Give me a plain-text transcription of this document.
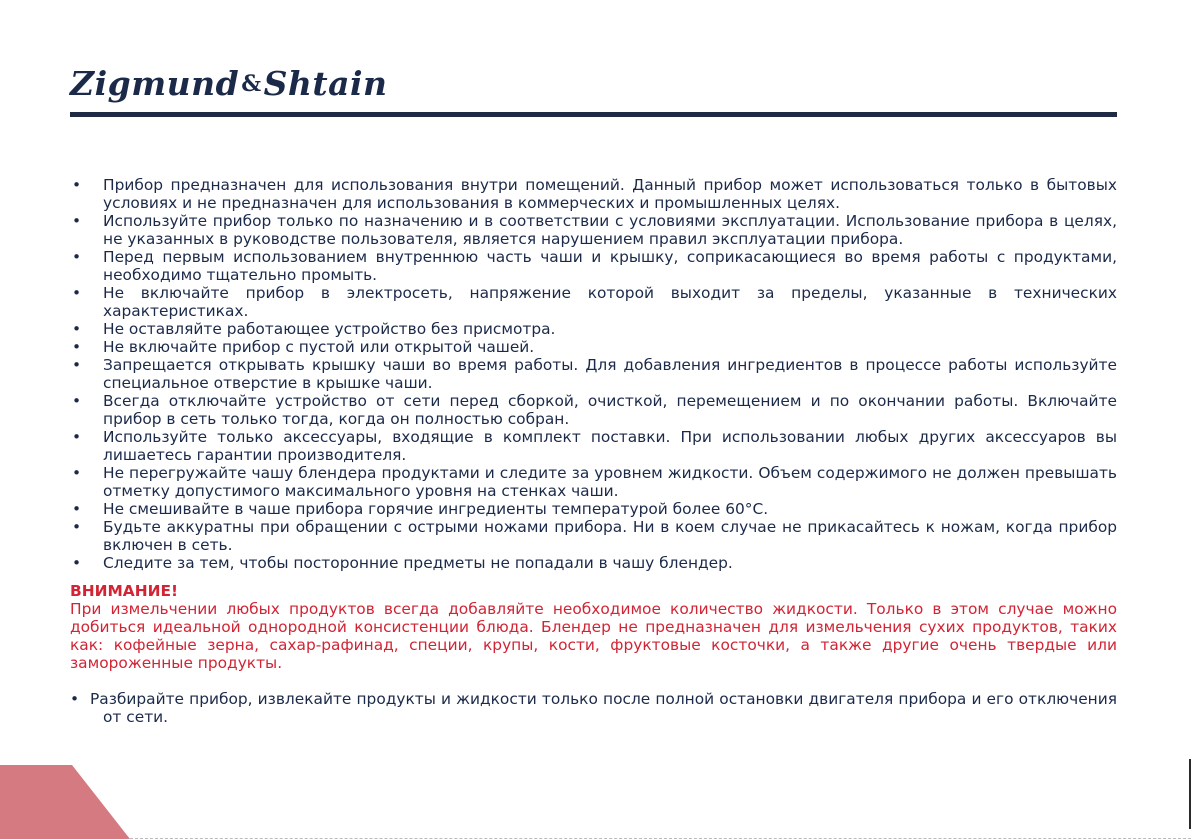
Zigmund&Shtain
• Прибор предназначен для использования внутри помещений. Данный прибор может использоваться только в бытовых условиях и не предназначен для использования в коммерческих и промышленных целях.
• Используйте прибор только по назначению и в соответствии с условиями эксплуатации. Использование прибора в целях, не указанных в руководстве пользователя, является нарушением правил эксплуатации прибора.
• Перед первым использованием внутреннюю часть чаши и крышку, соприкасающиеся во время работы с продуктами, необходимо тщательно промыть.
• Не включайте прибор в электросеть, напряжение которой выходит за пределы, указанные в технических характеристиках.
• Не оставляйте работающее устройство без присмотра.
• Не включайте прибор с пустой или открытой чашей.
• Запрещается открывать крышку чаши во время работы. Для добавления ингредиентов в процессе работы используйте специальное отверстие в крышке чаши.
• Всегда отключайте устройство от сети перед сборкой, очисткой, перемещением и по окончании работы. Включайте прибор в сеть только тогда, когда он полностью собран.
• Используйте только аксессуары, входящие в комплект поставки. При использовании любых других аксессуаров вы лишаетесь гарантии производителя.
• Не перегружайте чашу блендера продуктами и следите за уровнем жидкости. Объем содержимого не должен превышать отметку допустимого максимального уровня на стенках чаши.
• Не смешивайте в чаше прибора горячие ингредиенты температурой более 60°С.
• Будьте аккуратны при обращении с острыми ножами прибора. Ни в коем случае не прикасайтесь к ножам, когда прибор включен в сеть.
• Следите за тем, чтобы посторонние предметы не попадали в чашу блендер.
ВНИМАНИЕ!
При измельчении любых продуктов всегда добавляйте необходимое количество жидкости. Только в этом случае можно добиться идеальной однородной консистенции блюда. Блендер не предназначен для измельчения сухих продуктов, таких как: кофейные зерна, сахар-рафинад, специи, крупы, кости, фруктовые косточки, а также другие очень твердые или замороженные продукты.
• Разбирайте прибор, извлекайте продукты и жидкости только после полной остановки двигателя прибора и его отключения от сети.
